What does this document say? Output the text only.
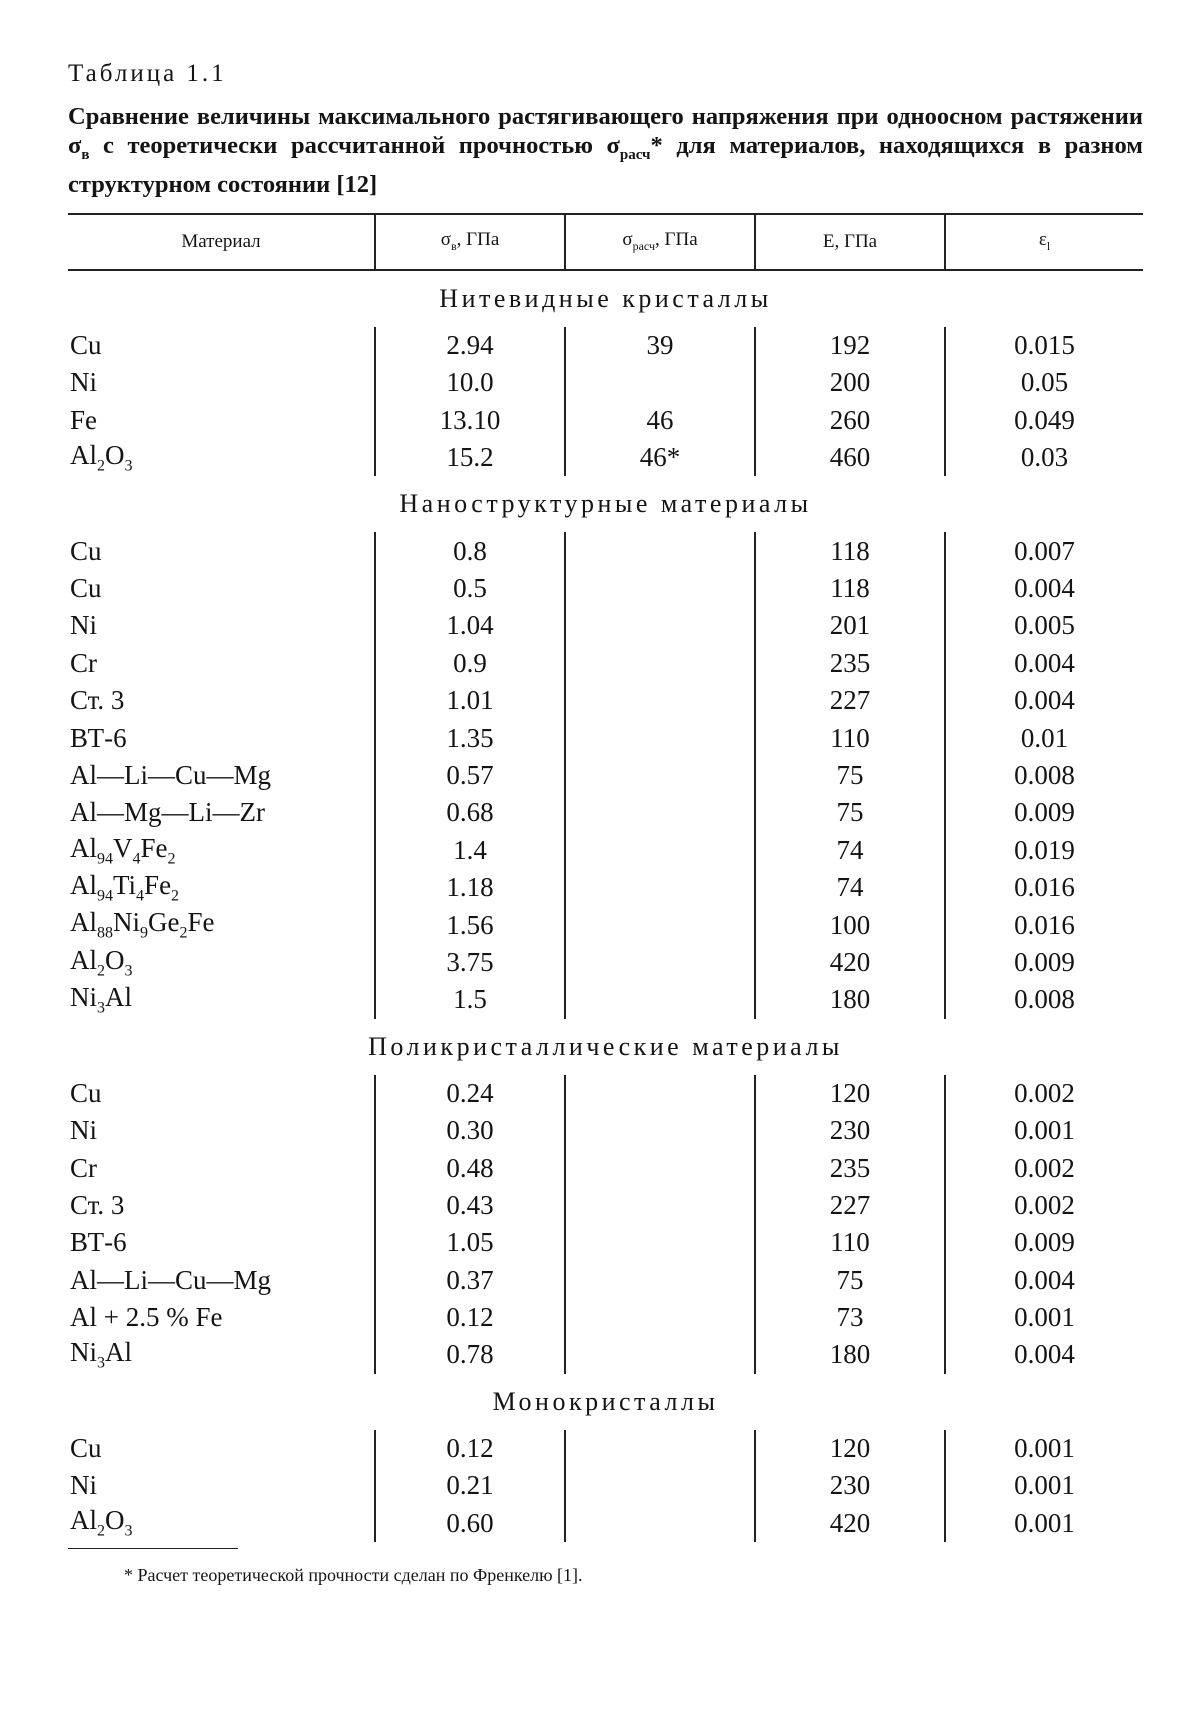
Таблица 1.1
Сравнение величины максимального растягивающего напряжения при одноосном растяжении $\sigma_в$ с теоретически рассчитанной прочностью $\sigma_{расч}*$ для материалов, находящихся в разном структурном состоянии [12]
Материал	$\sigma_в$, ГПа	$\sigma_{расч}$, ГПа	E, ГПа	$\varepsilon_l$
Нитевидные кристаллы				
Cu	2.94	39	192	0.015
Ni	10.0		200	0.05
Fe	13.10	46	260	0.049
$Al_2O_3$	15.2	46*	460	0.03
Наноструктурные материалы				
Cu	0.8		118	0.007
Cu	0.5		118	0.004
Ni	1.04		201	0.005
Cr	0.9		235	0.004
Ст. 3	1.01		227	0.004
ВТ-6	1.35		110	0.01
Al—Li—Cu—Mg	0.57		75	0.008
Al—Mg—Li—Zr	0.68		75	0.009
$Al_{94}V_4Fe_2$	1.4		74	0.019
$Al_{94}Ti_4Fe_2$	1.18		74	0.016
$Al_{88}Ni_9Ge_2Fe$	1.56		100	0.016
$Al_2O_3$	3.75		420	0.009
$Ni_3Al$	1.5		180	0.008
Поликристаллические материалы				
Cu	0.24		120	0.002
Ni	0.30		230	0.001
Cr	0.48		235	0.002
Ст. 3	0.43		227	0.002
ВТ-6	1.05		110	0.009
Al—Li—Cu—Mg	0.37		75	0.004
Al + 2.5 % Fe	0.12		73	0.001
$Ni_3Al$	0.78		180	0.004
Монокристаллы				
Cu	0.12		120	0.001
Ni	0.21		230	0.001
$Al_2O_3$	0.60		420	0.001
* Расчет теоретической прочности сделан по Френкелю [1].
